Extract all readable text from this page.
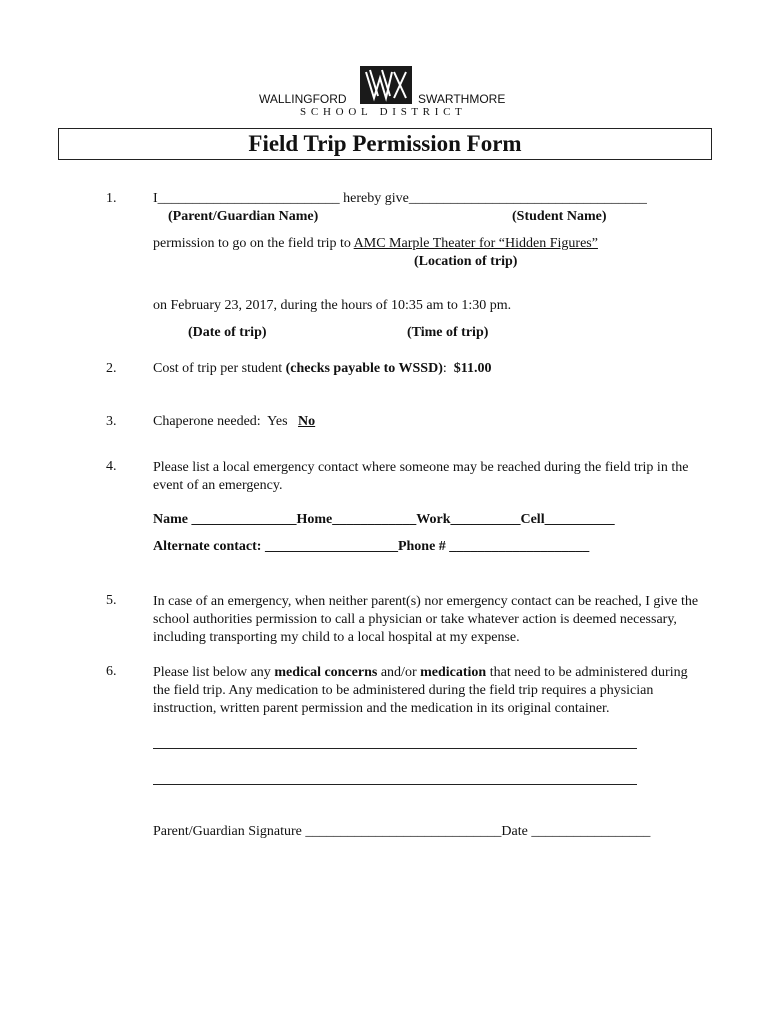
WALLINGFORD	SWARTHMORE
S C H O O L   D I S T R I C T
Field Trip Permission Form
1.	I__________________________ hereby give__________________________________
(Parent/Guardian Name)	(Student Name)
permission to go on the field trip to AMC Marple Theater for “Hidden Figures”
(Location of trip)
on February 23, 2017, during the hours of 10:35 am to 1:30 pm.
(Date of trip)	(Time of trip)
2.	Cost of trip per student (checks payable to WSSD):  $11.00
3.	Chaperone needed:  Yes   No
4.	Please list a local emergency contact where someone may be reached during the field trip in the event of an emergency.
Name _______________Home____________Work__________Cell__________
Alternate contact: ___________________Phone # ____________________
5.	In case of an emergency, when neither parent(s) nor emergency contact can be reached, I give the school authorities permission to call a physician or take whatever action is deemed necessary, including transporting my child to a local hospital at my expense.
6.	Please list below any medical concerns and/or medication that need to be administered during the field trip. Any medication to be administered during the field trip requires a physician instruction, written parent permission and the medication in its original container.
Parent/Guardian Signature ____________________________Date _________________
